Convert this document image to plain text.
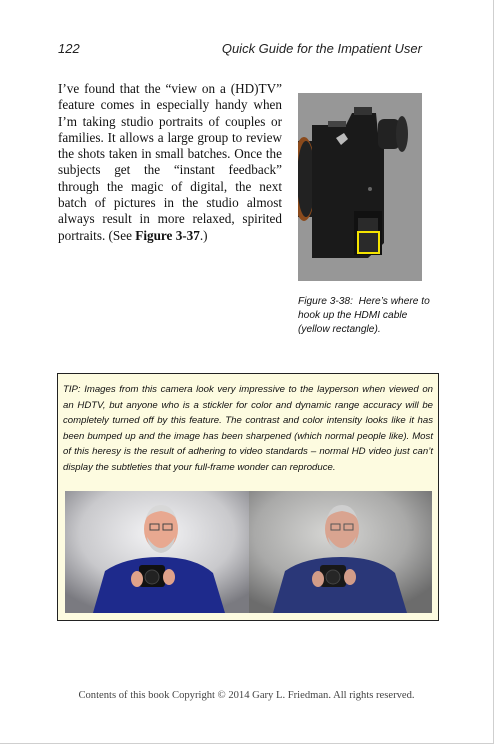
122	Quick Guide for the Impatient User
I’ve found that the “view on a (HD)TV” feature comes in especially handy when I’m taking studio portraits of couples or families. It allows a large group to review the shots taken in small batches. Once the subjects get the “instant feedback” through the magic of digital, the next batch of pictures in the studio almost always result in more relaxed, spirited portraits. (See Figure 3-37.)
Figure 3-38: Here’s where to hook up the HDMI cable (yellow rectangle).
TIP: Images from this camera look very impressive to the layperson when viewed on an HDTV, but anyone who is a stickler for color and dynamic range accuracy will be completely turned off by this feature. The contrast and color intensity looks like it has been bumped up and the image has been sharpened (which normal people like). Most of this heresy is the result of adhering to video standards – normal HD video just can’t display the subtleties that your full-frame wonder can reproduce.
Contents of this book Copyright © 2014 Gary L. Friedman. All rights reserved.
